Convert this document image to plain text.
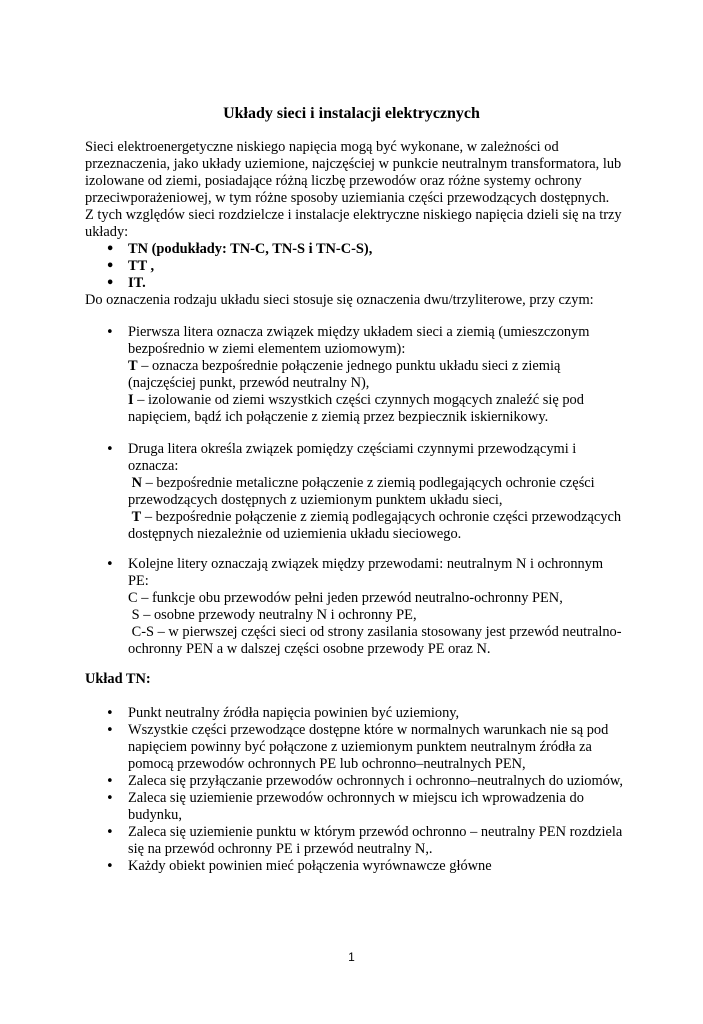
Układy sieci i instalacji elektrycznych

Sieci elektroenergetyczne niskiego napięcia mogą być wykonane, w zależności od

przeznaczenia, jako układy uziemione, najczęściej w punkcie neutralnym transformatora, lub

izolowane od ziemi, posiadające różną liczbę przewodów oraz różne systemy ochrony

przeciwporażeniowej, w tym różne sposoby uziemiania części przewodzących dostępnych.

Z tych względów sieci rozdzielcze i instalacje elektryczne niskiego napięcia dzieli się na trzy

układy:

• TN (podukłady: TN-C, TN-S i TN-C-S),
• TT ,
• IT.

Do oznaczenia rodzaju układu sieci stosuje się oznaczenia dwu/trzyliterowe, przy czym:

• Pierwsza litera oznacza związek między układem sieci a ziemią (umieszczonym

bezpośrednio w ziemi elementem uziomowym):

T – oznacza bezpośrednie połączenie jednego punktu układu sieci z ziemią

(najczęściej punkt, przewód neutralny N),

I – izolowanie od ziemi wszystkich części czynnych mogących znaleźć się pod

napięciem, bądź ich połączenie z ziemią przez bezpiecznik iskiernikowy.

• Druga litera określa związek pomiędzy częściami czynnymi przewodzącymi i

oznacza:

N – bezpośrednie metaliczne połączenie z ziemią podlegających ochronie części

przewodzących dostępnych z uziemionym punktem układu sieci,

T – bezpośrednie połączenie z ziemią podlegających ochronie części przewodzących

dostępnych niezależnie od uziemienia układu sieciowego.

• Kolejne litery oznaczają związek między przewodami: neutralnym N i ochronnym

PE:

C – funkcje obu przewodów pełni jeden przewód neutralno-ochronny PEN,

S – osobne przewody neutralny N i ochronny PE,

C-S – w pierwszej części sieci od strony zasilania stosowany jest przewód neutralno-

ochronny PEN a w dalszej części osobne przewody PE oraz N.

Układ TN:

• Punkt neutralny źródła napięcia powinien być uziemiony,

• Wszystkie części przewodzące dostępne które w normalnych warunkach nie są pod

napięciem powinny być połączone z uziemionym punktem neutralnym źródła za

pomocą przewodów ochronnych PE lub ochronno–neutralnych PEN,

• Zaleca się przyłączanie przewodów ochronnych i ochronno–neutralnych do uziomów,

• Zaleca się uziemienie przewodów ochronnych w miejscu ich wprowadzenia do

budynku,

• Zaleca się uziemienie punktu w którym przewód ochronno – neutralny PEN rozdziela

się na przewód ochronny PE i przewód neutralny N,.

• Każdy obiekt powinien mieć połączenia wyrównawcze główne

1
